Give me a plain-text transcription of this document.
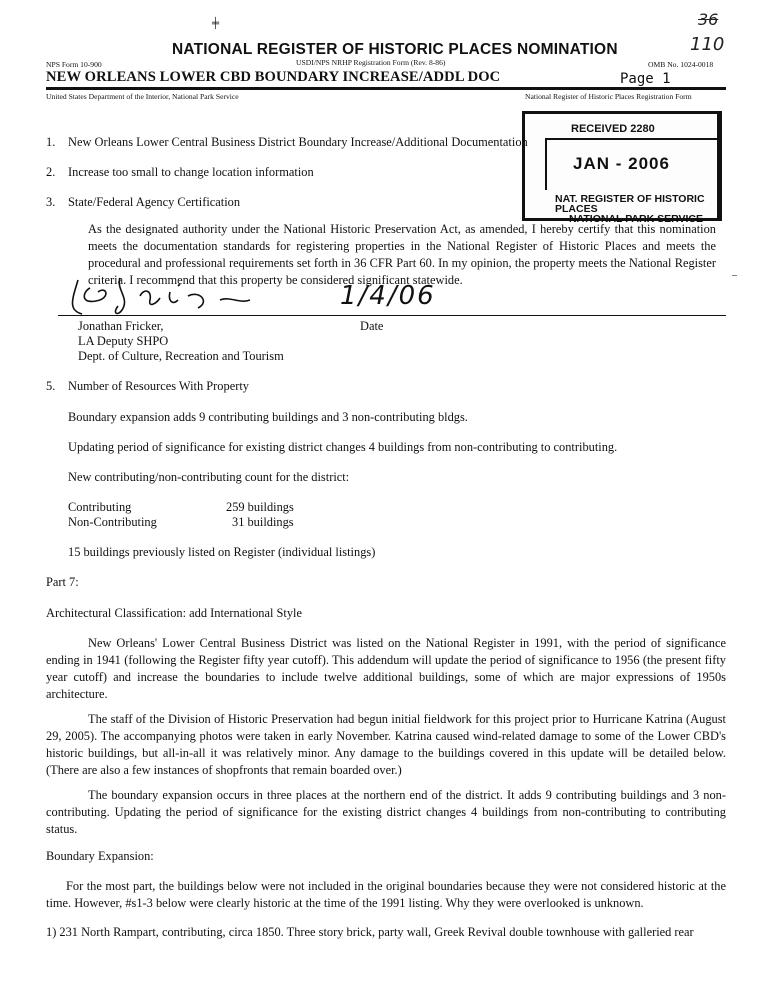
╪	36
110
NATIONAL REGISTER OF HISTORIC PLACES NOMINATION
NPS Form 10-900	USDI/NPS NRHP Registration Form (Rev. 8-86)	OMB No. 1024-0018
NEW ORLEANS LOWER CBD BOUNDARY INCREASE/ADDL DOC	Page 1
United States Department of the Interior, National Park Service	National Register of Historic Places Registration Form
RECEIVED 2280
JAN - 2006
NAT. REGISTER OF HISTORIC PLACES
NATIONAL PARK SERVICE
1. New Orleans Lower Central Business District Boundary Increase/Additional Documentation
2. Increase too small to change location information
3. State/Federal Agency Certification
As the designated authority under the National Historic Preservation Act, as amended, I hereby certify that this nomination meets the documentation standards for registering properties in the National Register of Historic Places and meets the procedural and professional requirements set forth in 36 CFR Part 60. In my opinion, the property meets the National Register criteria. I recommend that this property be considered significant statewide.	–
1/4/06
Jonathan Fricker,	Date
LA Deputy SHPO
Dept. of Culture, Recreation and Tourism
5. Number of Resources With Property
Boundary expansion adds 9 contributing buildings and 3 non-contributing bldgs.
Updating period of significance for existing district changes 4 buildings from non-contributing to contributing.
New contributing/non-contributing count for the district:
Contributing	259 buildings
Non-Contributing	31 buildings
15 buildings previously listed on Register (individual listings)
Part 7:
Architectural Classification: add International Style
New Orleans' Lower Central Business District was listed on the National Register in 1991, with the period of significance ending in 1941 (following the Register fifty year cutoff). This addendum will update the period of significance to 1956 (the present fifty year cutoff) and increase the boundaries to include twelve additional buildings, some of which are major expressions of 1950s architecture.
The staff of the Division of Historic Preservation had begun initial fieldwork for this project prior to Hurricane Katrina (August 29, 2005). The accompanying photos were taken in early November. Katrina caused wind-related damage to some of the Lower CBD's historic buildings, but all-in-all it was relatively minor. Any damage to the buildings covered in this update will be detailed below. (There are also a few instances of shopfronts that remain boarded over.)
The boundary expansion occurs in three places at the northern end of the district. It adds 9 contributing buildings and 3 non-contributing. Updating the period of significance for the existing district changes 4 buildings from non-contributing to contributing status.
Boundary Expansion:
For the most part, the buildings below were not included in the original boundaries because they were not considered historic at the time. However, #s1-3 below were clearly historic at the time of the 1991 listing. Why they were overlooked is unknown.
1) 231 North Rampart, contributing, circa 1850. Three story brick, party wall, Greek Revival double townhouse with galleried rear
